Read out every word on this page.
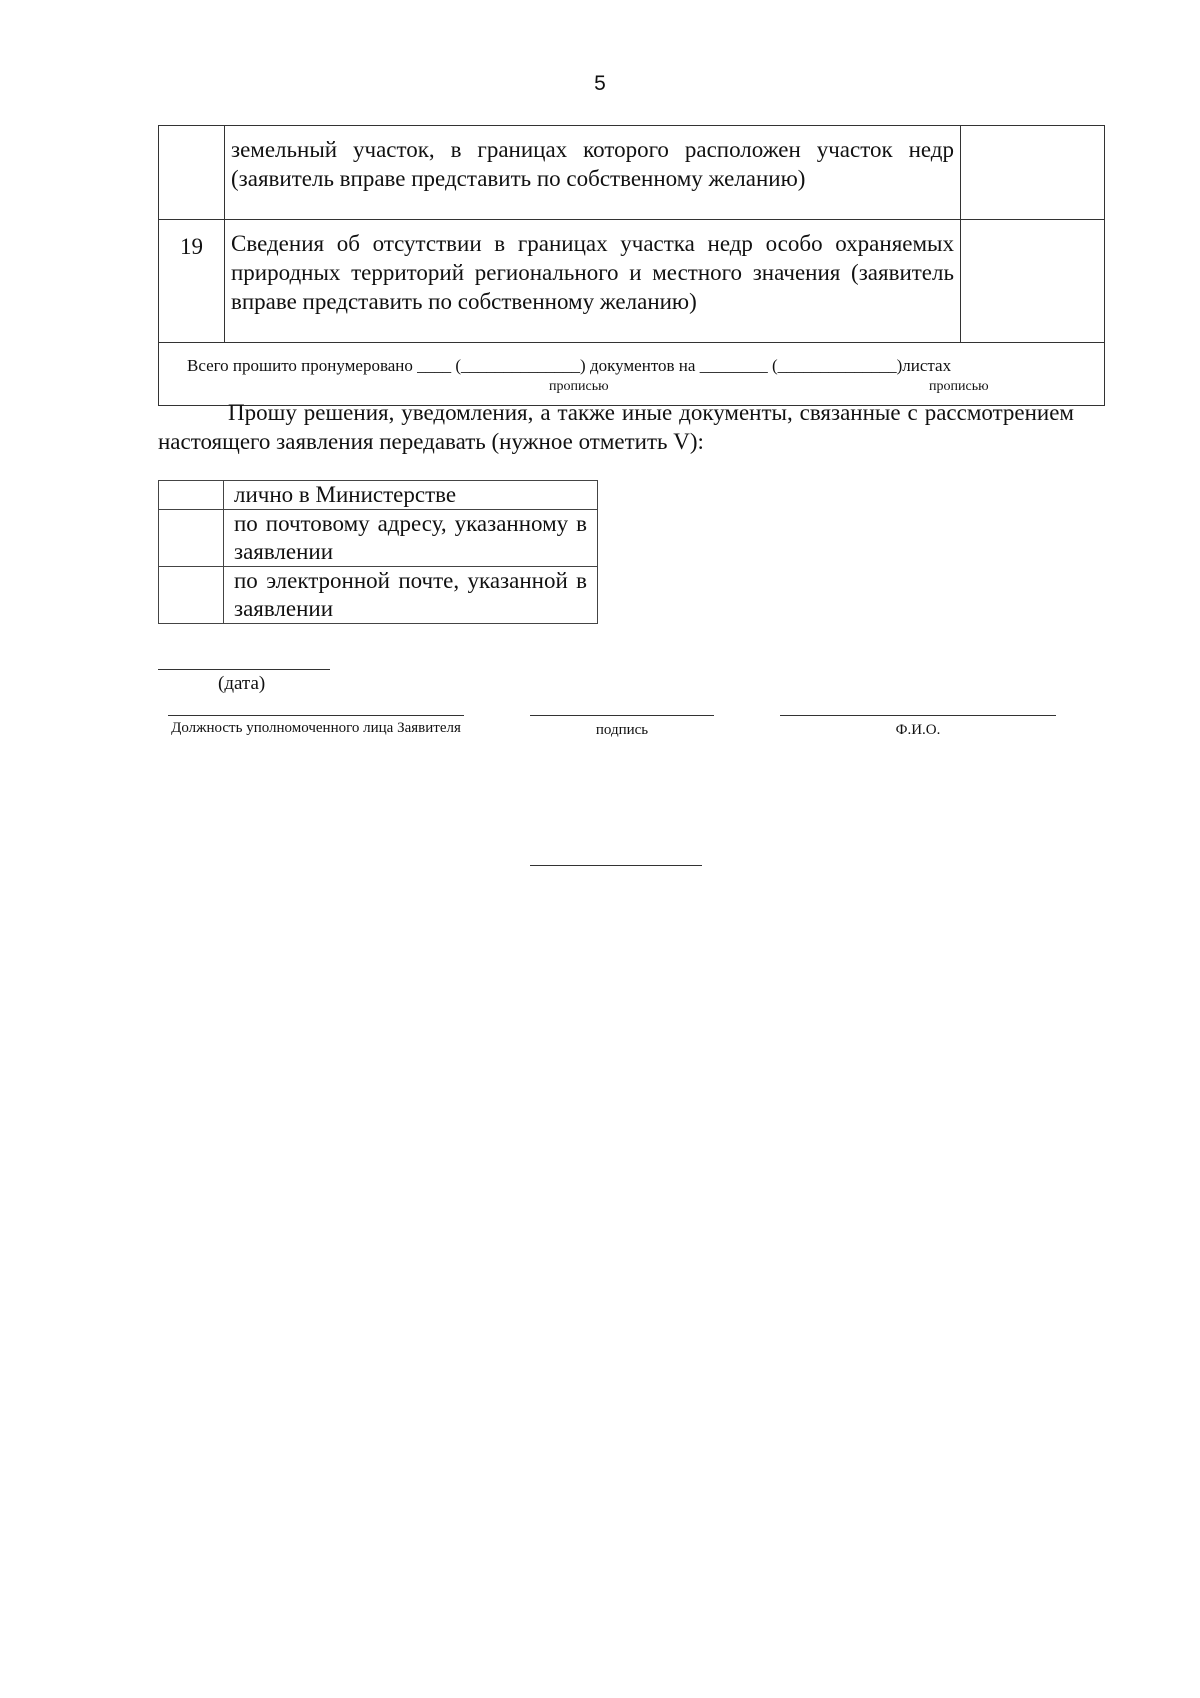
5
	земельный участок, в границах которого расположен участок недр (заявитель вправе представить по собственному желанию)	
19	Сведения об отсутствии в границах участка недр особо охраняемых природных территорий регионального и местного значения (заявитель вправе представить по собственному желанию)	

Всего прошито пронумеровано ____ (______________) документов на ________ (______________)листах
прописью прописью		
Прошу решения, уведомления, а также иные документы, связанные с рассмотрением настоящего заявления передавать (нужное отметить V):
	лично в Министерстве
	по почтовому адресу, указанному в заявлении
	по электронной почте, указанной в заявлении
(дата)
Должность уполномоченного лица Заявителя	подпись	Ф.И.О.
